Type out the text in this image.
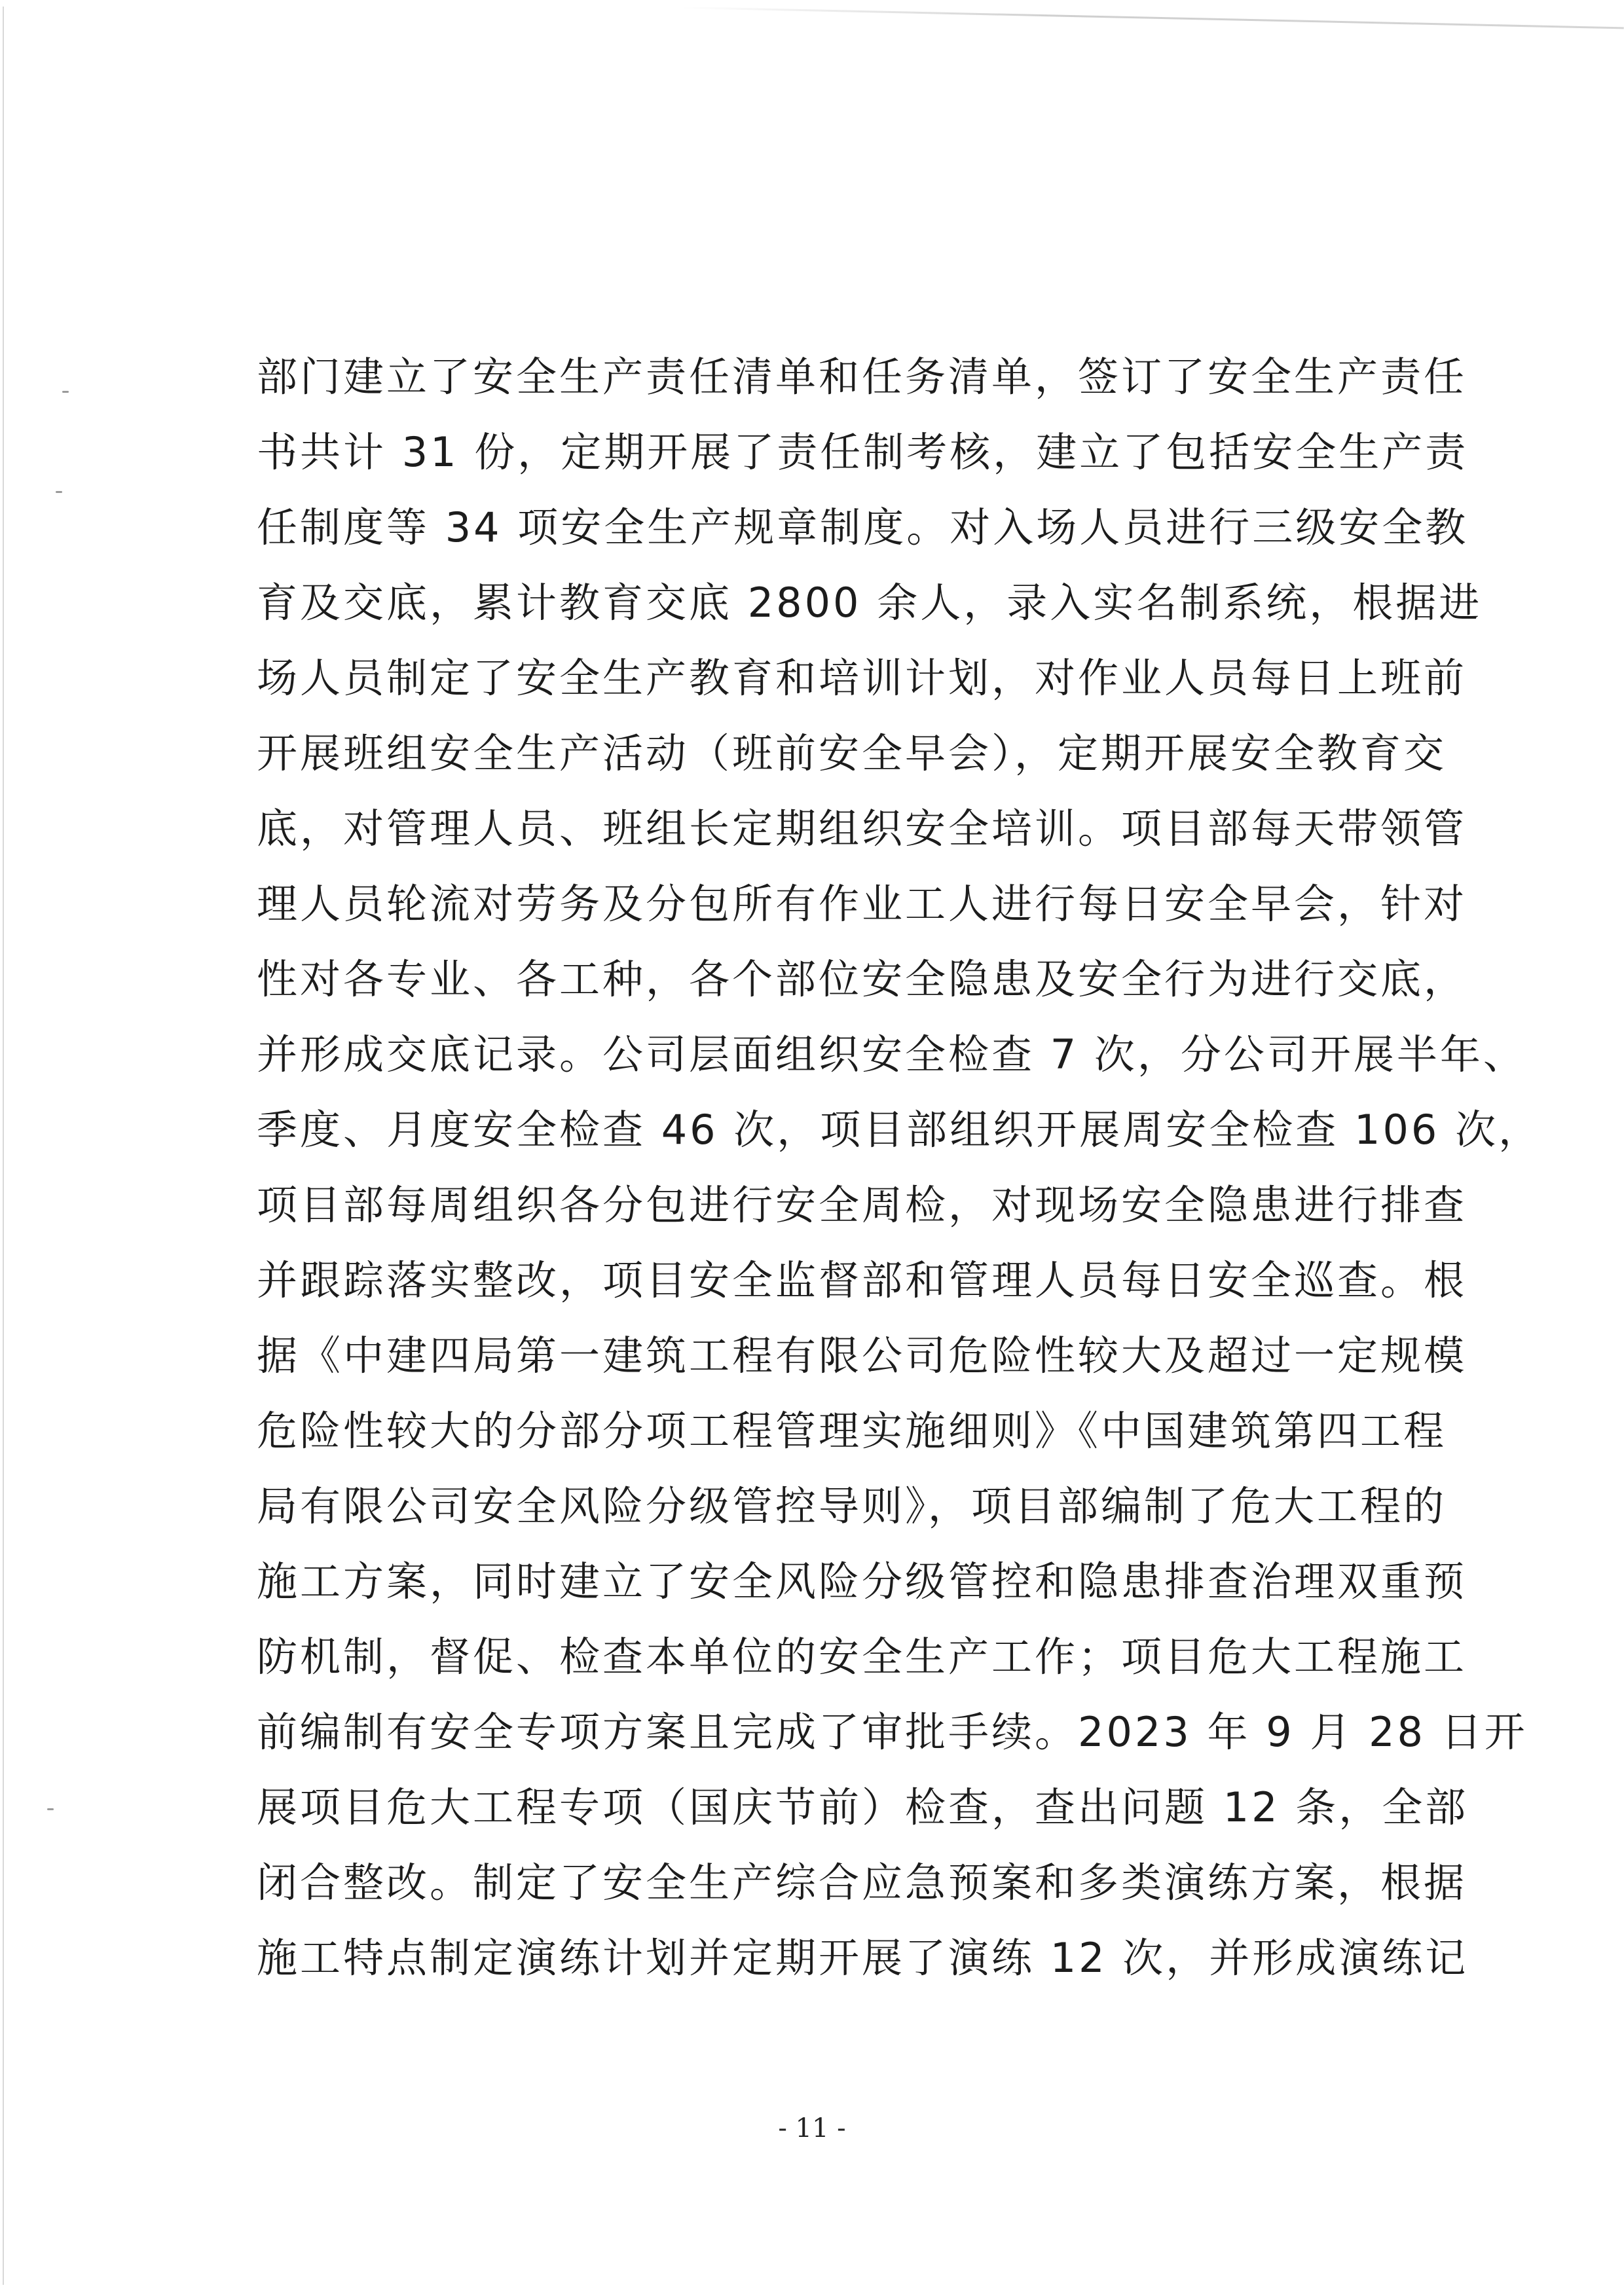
部门建立了安全生产责任清单和任务清单，签订了安全生产责任
书共计 31 份，定期开展了责任制考核，建立了包括安全生产责
任制度等 34 项安全生产规章制度。对入场人员进行三级安全教
育及交底，累计教育交底 2800 余人，录入实名制系统，根据进
场人员制定了安全生产教育和培训计划，对作业人员每日上班前
开展班组安全生产活动（班前安全早会），定期开展安全教育交
底，对管理人员、班组长定期组织安全培训。项目部每天带领管
理人员轮流对劳务及分包所有作业工人进行每日安全早会，针对
性对各专业、各工种，各个部位安全隐患及安全行为进行交底，
并形成交底记录。公司层面组织安全检查 7 次，分公司开展半年、
季度、月度安全检查 46 次，项目部组织开展周安全检查 106 次，
项目部每周组织各分包进行安全周检，对现场安全隐患进行排查
并跟踪落实整改，项目安全监督部和管理人员每日安全巡查。根
据《中建四局第一建筑工程有限公司危险性较大及超过一定规模
危险性较大的分部分项工程管理实施细则》《中国建筑第四工程
局有限公司安全风险分级管控导则》，项目部编制了危大工程的
施工方案，同时建立了安全风险分级管控和隐患排查治理双重预
防机制，督促、检查本单位的安全生产工作；项目危大工程施工
前编制有安全专项方案且完成了审批手续。2023 年 9 月 28 日开
展项目危大工程专项（国庆节前）检查，查出问题 12 条，全部
闭合整改。制定了安全生产综合应急预案和多类演练方案，根据
施工特点制定演练计划并定期开展了演练 12 次，并形成演练记
- 11 -
